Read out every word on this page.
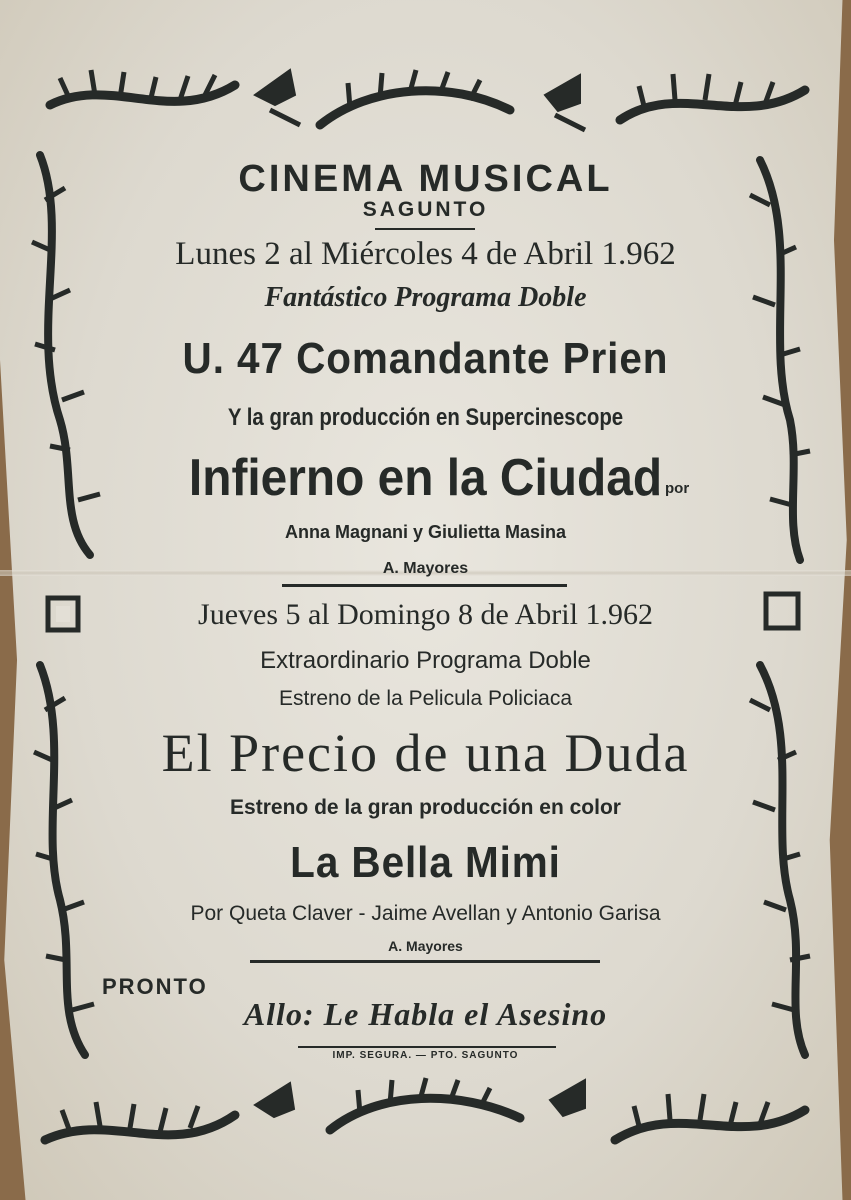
CINEMA MUSICAL
SAGUNTO
Lunes 2 al Miércoles 4 de Abril 1.962
Fantástico Programa Doble
U. 47 Comandante Prien
Y la gran producción en Supercinescope
Infierno en la Ciudad por
Anna Magnani y Giulietta Masina
A. Mayores
Jueves 5 al Domingo 8 de Abril 1.962
Extraordinario Programa Doble
Estreno de la Pelicula Policiaca
El Precio de una Duda
Estreno de la gran producción en color
La Bella Mimi
Por Queta Claver - Jaime Avellan y Antonio Garisa
A. Mayores
PRONTO
Allo: Le Habla el Asesino
IMP. SEGURA. — PTO. SAGUNTO
